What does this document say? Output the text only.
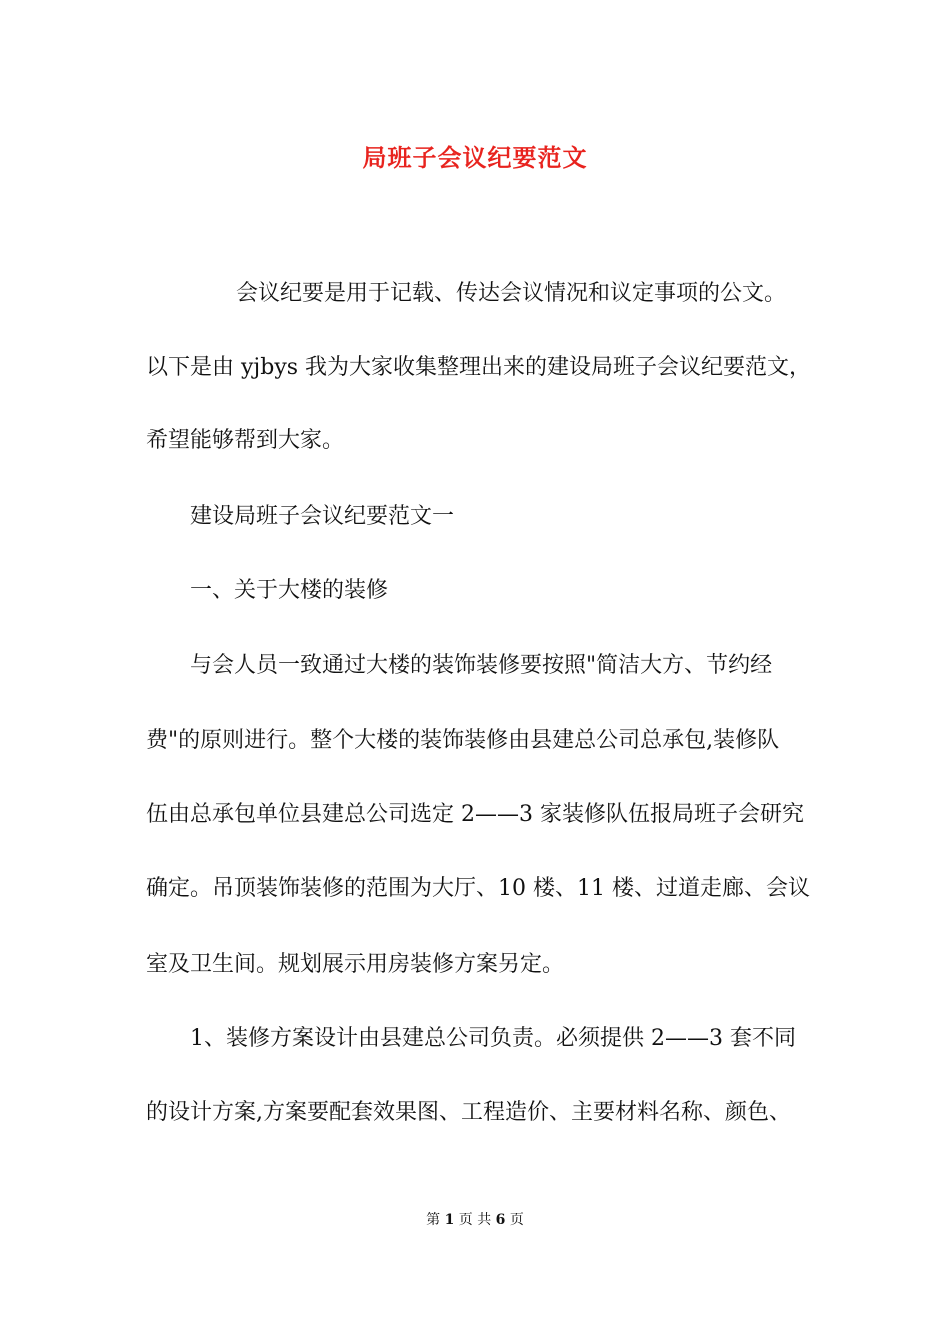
局班子会议纪要范文
会议纪要是用于记载、传达会议情况和议定事项的公文。
以下是由 yjbys 我为大家收集整理出来的建设局班子会议纪要范文，
希望能够帮到大家。
建设局班子会议纪要范文一
一、关于大楼的装修
与会人员一致通过大楼的装饰装修要按照"简洁大方、节约经
费"的原则进行。整个大楼的装饰装修由县建总公司总承包,装修队
伍由总承包单位县建总公司选定 2——3 家装修队伍报局班子会研究
确定。吊顶装饰装修的范围为大厅、10 楼、11 楼、过道走廊、会议
室及卫生间。规划展示用房装修方案另定。
1、装修方案设计由县建总公司负责。必须提供 2——3 套不同
的设计方案,方案要配套效果图、工程造价、主要材料名称、颜色、
第 1 页 共 6 页
